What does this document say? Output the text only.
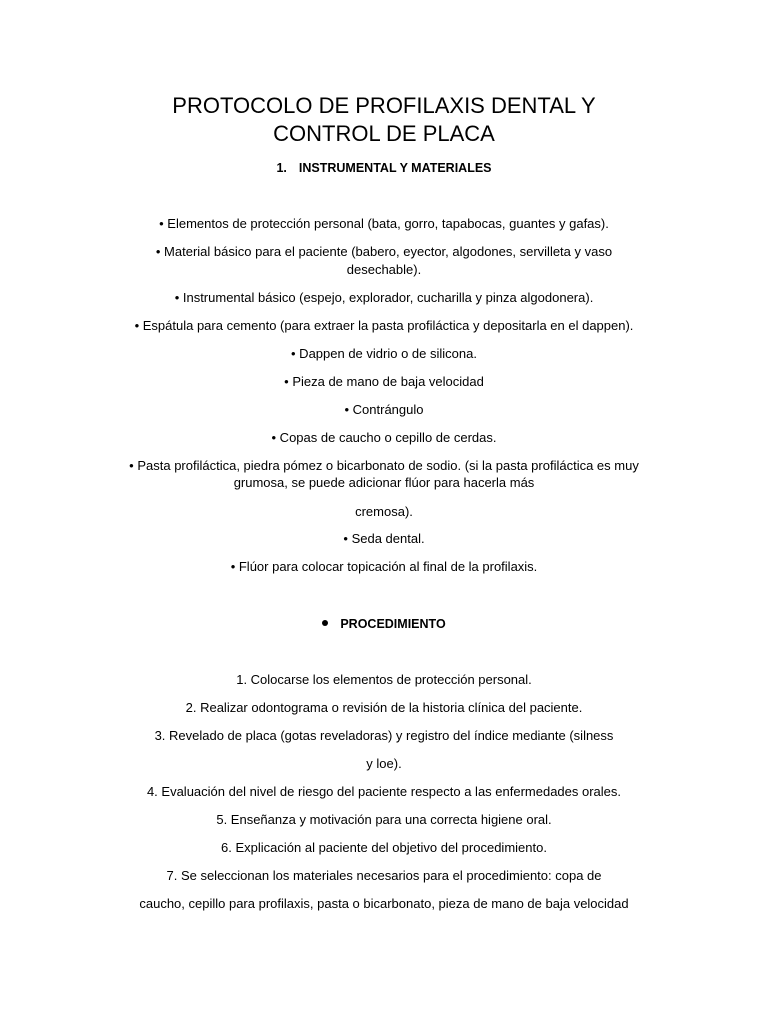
PROTOCOLO DE PROFILAXIS DENTAL Y
CONTROL DE PLACA
1. INSTRUMENTAL Y MATERIALES
• Elementos de protección personal (bata, gorro, tapabocas, guantes y gafas).
• Material básico para el paciente (babero, eyector, algodones, servilleta y vaso
desechable).
• Instrumental básico (espejo, explorador, cucharilla y pinza algodonera).
• Espátula para cemento (para extraer la pasta profiláctica y depositarla en el dappen).
• Dappen de vidrio o de silicona.
• Pieza de mano de baja velocidad
• Contrángulo
• Copas de caucho o cepillo de cerdas.
• Pasta profiláctica, piedra pómez o bicarbonato de sodio. (si la pasta profiláctica es muy
grumosa, se puede adicionar flúor para hacerla más
cremosa).
• Seda dental.
• Flúor para colocar topicación al final de la profilaxis.
PROCEDIMIENTO
1. Colocarse los elementos de protección personal.
2. Realizar odontograma o revisión de la historia clínica del paciente.
3. Revelado de placa (gotas reveladoras) y registro del índice mediante (silness
y loe).
4. Evaluación del nivel de riesgo del paciente respecto a las enfermedades orales.
5. Enseñanza y motivación para una correcta higiene oral.
6. Explicación al paciente del objetivo del procedimiento.
7. Se seleccionan los materiales necesarios para el procedimiento: copa de
caucho, cepillo para profilaxis, pasta o bicarbonato, pieza de mano de baja velocidad
